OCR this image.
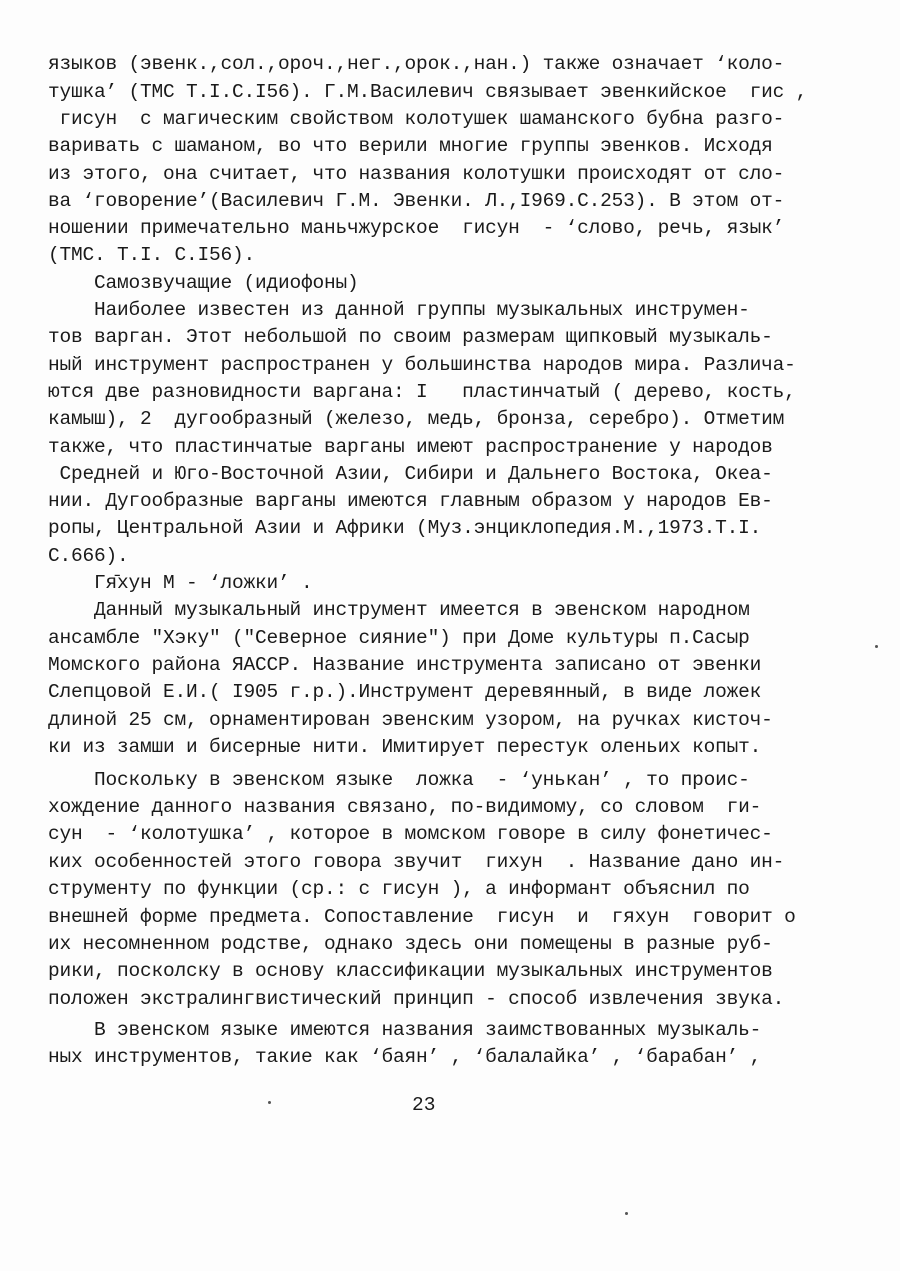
языков (эвенк.,сол.,ороч.,нег.,орок.,нан.) также означает ‘коло-
тушка’ (ТМС Т.I.С.I56). Г.М.Василевич связывает эвенкийское  гис ,
гисун  с магическим свойством колотушек шаманского бубна разго-
варивать с шаманом, во что верили многие группы эвенков. Исходя
из этого, она считает, что названия колотушки происходят от сло-
ва ‘говорение’(Василевич Г.М. Эвенки. Л.,I969.С.253). В этом от-
ношении примечательно маньчжурское  гисун  - ‘слово, речь, язык’
(ТМС. Т.I. С.I56).
Самозвучащие (идиофоны)
Наиболее известен из данной группы музыкальных инструмен-
тов варган. Этот небольшой по своим размерам щипковый музыкаль-
ный инструмент распространен у большинства народов мира. Различа-
ются две разновидности варгана: I   пластинчатый ( дерево, кость,
камыш), 2  дугообразный (железо, медь, бронза, серебро). Отметим
также, что пластинчатые варганы имеют распространение у народов
Средней и Юго-Восточной Азии, Сибири и Дальнего Востока, Океа-
нии. Дугообразные варганы имеются главным образом у народов Ев-
ропы, Центральной Азии и Африки (Муз.энциклопедия.М.,1973.Т.I.
С.666).
Гя̄хун М - ‘ложки’ .
Данный музыкальный инструмент имеется в эвенском народном
ансамбле "Хэку" ("Северное сияние") при Доме культуры п.Сасыр
Момского района ЯАССР. Название инструмента записано от эвенки
Слепцовой Е.И.( I905 г.р.).Инструмент деревянный, в виде ложек
длиной 25 см, орнаментирован эвенским узором, на ручках кисточ-
ки из замши и бисерные нити. Имитирует перестук оленьих копыт.
Поскольку в эвенском языке  ложка  - ‘унькан’ , то проис-
хождение данного названия связано, по-видимому, со словом  ги-
сун  - ‘колотушка’ , которое в момском говоре в силу фонетичес-
ких особенностей этого говора звучит  гихун  . Название дано ин-
струменту по функции (ср.: с гисун ), а информант объяснил по
внешней форме предмета. Сопоставление  гисун  и  гяхун  говорит о
их несомненном родстве, однако здесь они помещены в разные руб-
рики, посколску в основу классификации музыкальных инструментов
положен экстралингвистический принцип - способ извлечения звука.
В эвенском языке имеются названия заимствованных музыкаль-
ных инструментов, такие как ‘баян’ , ‘балалайка’ , ‘барабан’ ,
23
